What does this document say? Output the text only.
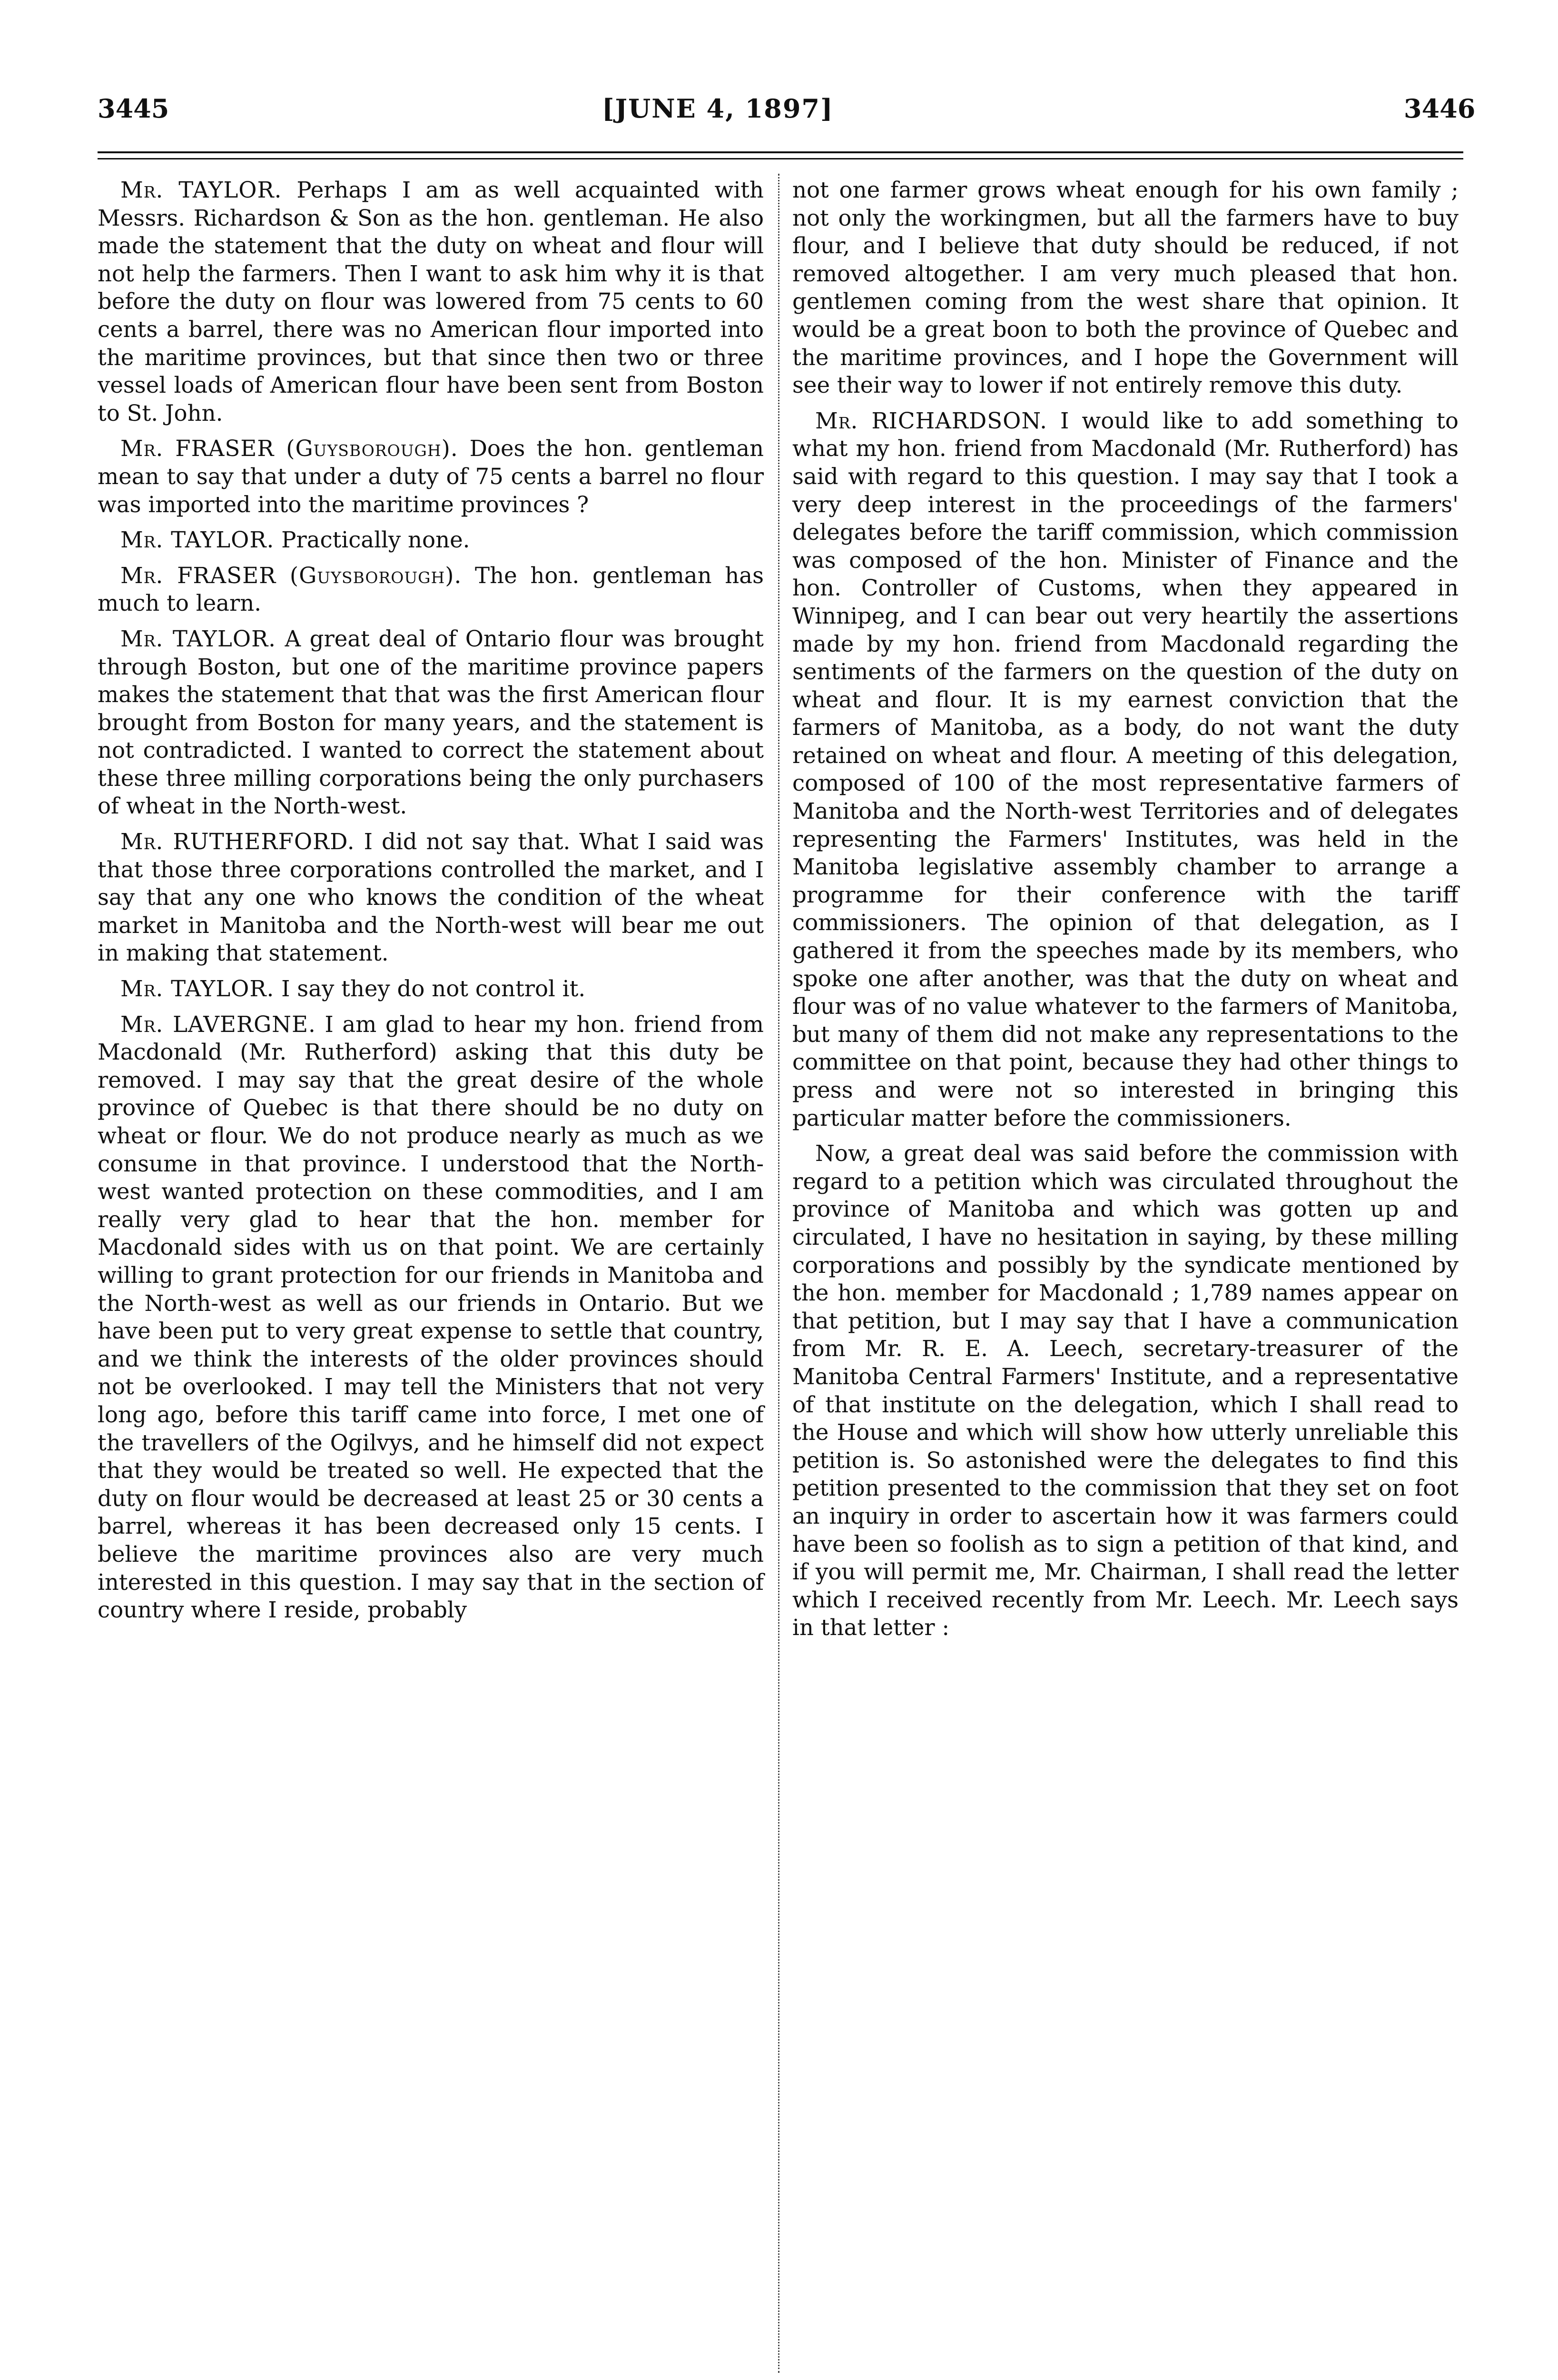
3445	[JUNE 4, 1897]	3446

Mr. TAYLOR. Perhaps I am as well acquainted with Messrs. Richardson & Son as the hon. gentleman. He also made the statement that the duty on wheat and flour will not help the farmers. Then I want to ask him why it is that before the duty on flour was lowered from 75 cents to 60 cents a barrel, there was no American flour imported into the maritime provinces, but that since then two or three vessel loads of American flour have been sent from Boston to St. John.

Mr. FRASER (Guysborough). Does the hon. gentleman mean to say that under a duty of 75 cents a barrel no flour was imported into the maritime provinces ?

Mr. TAYLOR. Practically none.

Mr. FRASER (Guysborough). The hon. gentleman has much to learn.

Mr. TAYLOR. A great deal of Ontario flour was brought through Boston, but one of the maritime province papers makes the statement that that was the first American flour brought from Boston for many years, and the statement is not contradicted. I wanted to correct the statement about these three milling corporations being the only purchasers of wheat in the North-west.

Mr. RUTHERFORD. I did not say that. What I said was that those three corporations controlled the market, and I say that any one who knows the condition of the wheat market in Manitoba and the North-west will bear me out in making that statement.

Mr. TAYLOR. I say they do not control it.

Mr. LAVERGNE. I am glad to hear my hon. friend from Macdonald (Mr. Rutherford) asking that this duty be removed. I may say that the great desire of the whole province of Quebec is that there should be no duty on wheat or flour. We do not produce nearly as much as we consume in that province. I understood that the North-west wanted protection on these commodities, and I am really very glad to hear that the hon. member for Macdonald sides with us on that point. We are certainly willing to grant protection for our friends in Manitoba and the North-west as well as our friends in Ontario. But we have been put to very great expense to settle that country, and we think the interests of the older provinces should not be overlooked. I may tell the Ministers that not very long ago, before this tariff came into force, I met one of the travellers of the Ogilvys, and he himself did not expect that they would be treated so well. He expected that the duty on flour would be decreased at least 25 or 30 cents a barrel, whereas it has been decreased only 15 cents. I believe the maritime provinces also are very much interested in this question. I may say that in the section of country where I reside, probably

not one farmer grows wheat enough for his own family ; not only the workingmen, but all the farmers have to buy flour, and I believe that duty should be reduced, if not removed altogether. I am very much pleased that hon. gentlemen coming from the west share that opinion. It would be a great boon to both the province of Quebec and the maritime provinces, and I hope the Government will see their way to lower if not entirely remove this duty.

Mr. RICHARDSON. I would like to add something to what my hon. friend from Macdonald (Mr. Rutherford) has said with regard to this question. I may say that I took a very deep interest in the proceedings of the farmers' delegates before the tariff commission, which commission was composed of the hon. Minister of Finance and the hon. Controller of Customs, when they appeared in Winnipeg, and I can bear out very heartily the assertions made by my hon. friend from Macdonald regarding the sentiments of the farmers on the question of the duty on wheat and flour. It is my earnest conviction that the farmers of Manitoba, as a body, do not want the duty retained on wheat and flour. A meeting of this delegation, composed of 100 of the most representative farmers of Manitoba and the North-west Territories and of delegates representing the Farmers' Institutes, was held in the Manitoba legislative assembly chamber to arrange a programme for their conference with the tariff commissioners. The opinion of that delegation, as I gathered it from the speeches made by its members, who spoke one after another, was that the duty on wheat and flour was of no value whatever to the farmers of Manitoba, but many of them did not make any representations to the committee on that point, because they had other things to press and were not so interested in bringing this particular matter before the commissioners.

Now, a great deal was said before the commission with regard to a petition which was circulated throughout the province of Manitoba and which was gotten up and circulated, I have no hesitation in saying, by these milling corporations and possibly by the syndicate mentioned by the hon. member for Macdonald ; 1,789 names appear on that petition, but I may say that I have a communication from Mr. R. E. A. Leech, secretary-treasurer of the Manitoba Central Farmers' Institute, and a representative of that institute on the delegation, which I shall read to the House and which will show how utterly unreliable this petition is. So astonished were the delegates to find this petition presented to the commission that they set on foot an inquiry in order to ascertain how it was farmers could have been so foolish as to sign a petition of that kind, and if you will permit me, Mr. Chairman, I shall read the letter which I received recently from Mr. Leech. Mr. Leech says in that letter :
